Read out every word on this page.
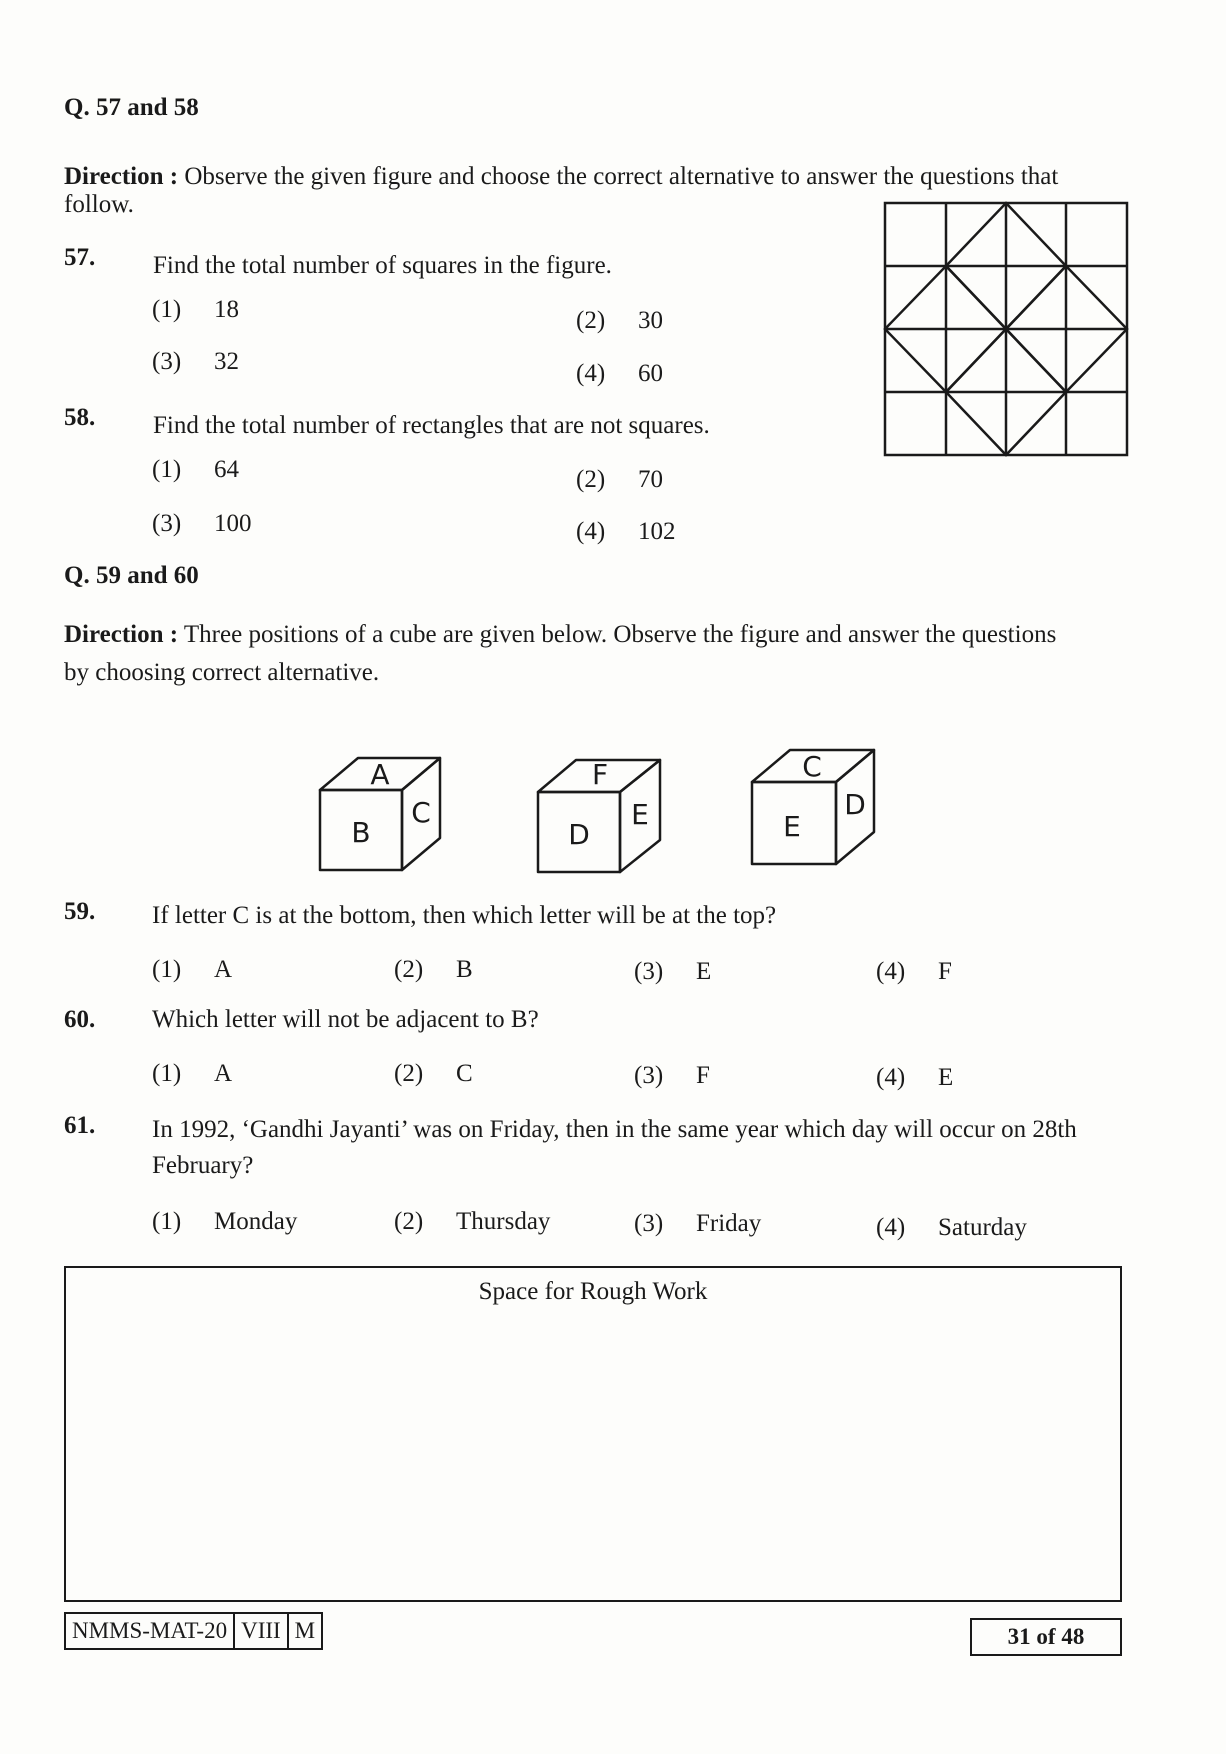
Q. 57 and 58
Direction : Observe the given figure and choose the correct alternative to answer the questions that
follow.
57. Find the total number of squares in the figure.
(1) 18	(2) 30
(3) 32	(4) 60
58. Find the total number of rectangles that are not squares.
(1) 64	(2) 70
(3) 100	(4) 102
Q. 59 and 60
Direction : Three positions of a cube are given below. Observe the figure and answer the questions
by choosing correct alternative.
A
B
C
F
D
E
C
E
D
59. If letter C is at the bottom, then which letter will be at the top?
(1) A	(2) B	(3) E	(4) F
60. Which letter will not be adjacent to B?
(1) A	(2) C	(3) F	(4) E
61. In 1992, ‘Gandhi Jayanti’ was on Friday, then in the same year which day will occur on 28th
February?
(1) Monday	(2) Thursday	(3) Friday	(4) Saturday
Space for Rough Work
NMMS-MAT-20 VIII M	31 of 48
